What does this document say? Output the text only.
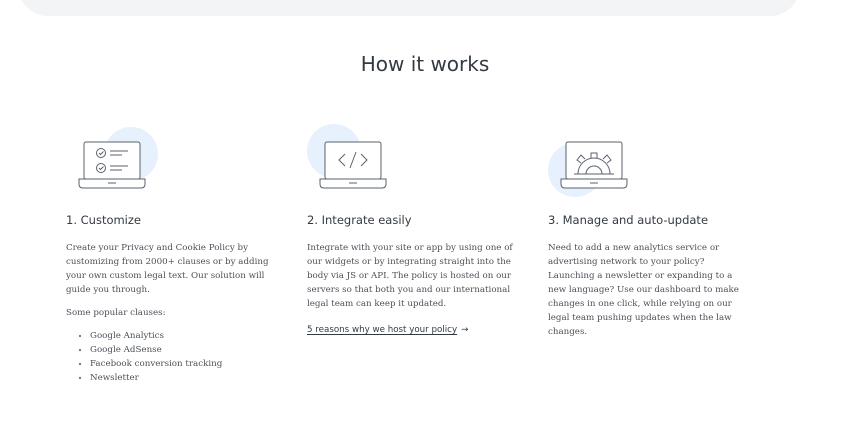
How it works
1. Customize

Create your Privacy and Cookie Policy by customizing from 2000+ clauses or by adding your own custom legal text. Our solution will guide you through.

Some popular clauses:

• Google Analytics
• Google AdSense
• Facebook conversion tracking
• Newsletter
2. Integrate easily

Integrate with your site or app by using one of our widgets or by integrating straight into the body via JS or API. The policy is hosted on our servers so that both you and our international legal team can keep it updated.

5 reasons why we host your policy →
3. Manage and auto-update

Need to add a new analytics service or advertising network to your policy? Launching a newsletter or expanding to a new language? Use our dashboard to make changes in one click, while relying on our legal team pushing updates when the law changes.
